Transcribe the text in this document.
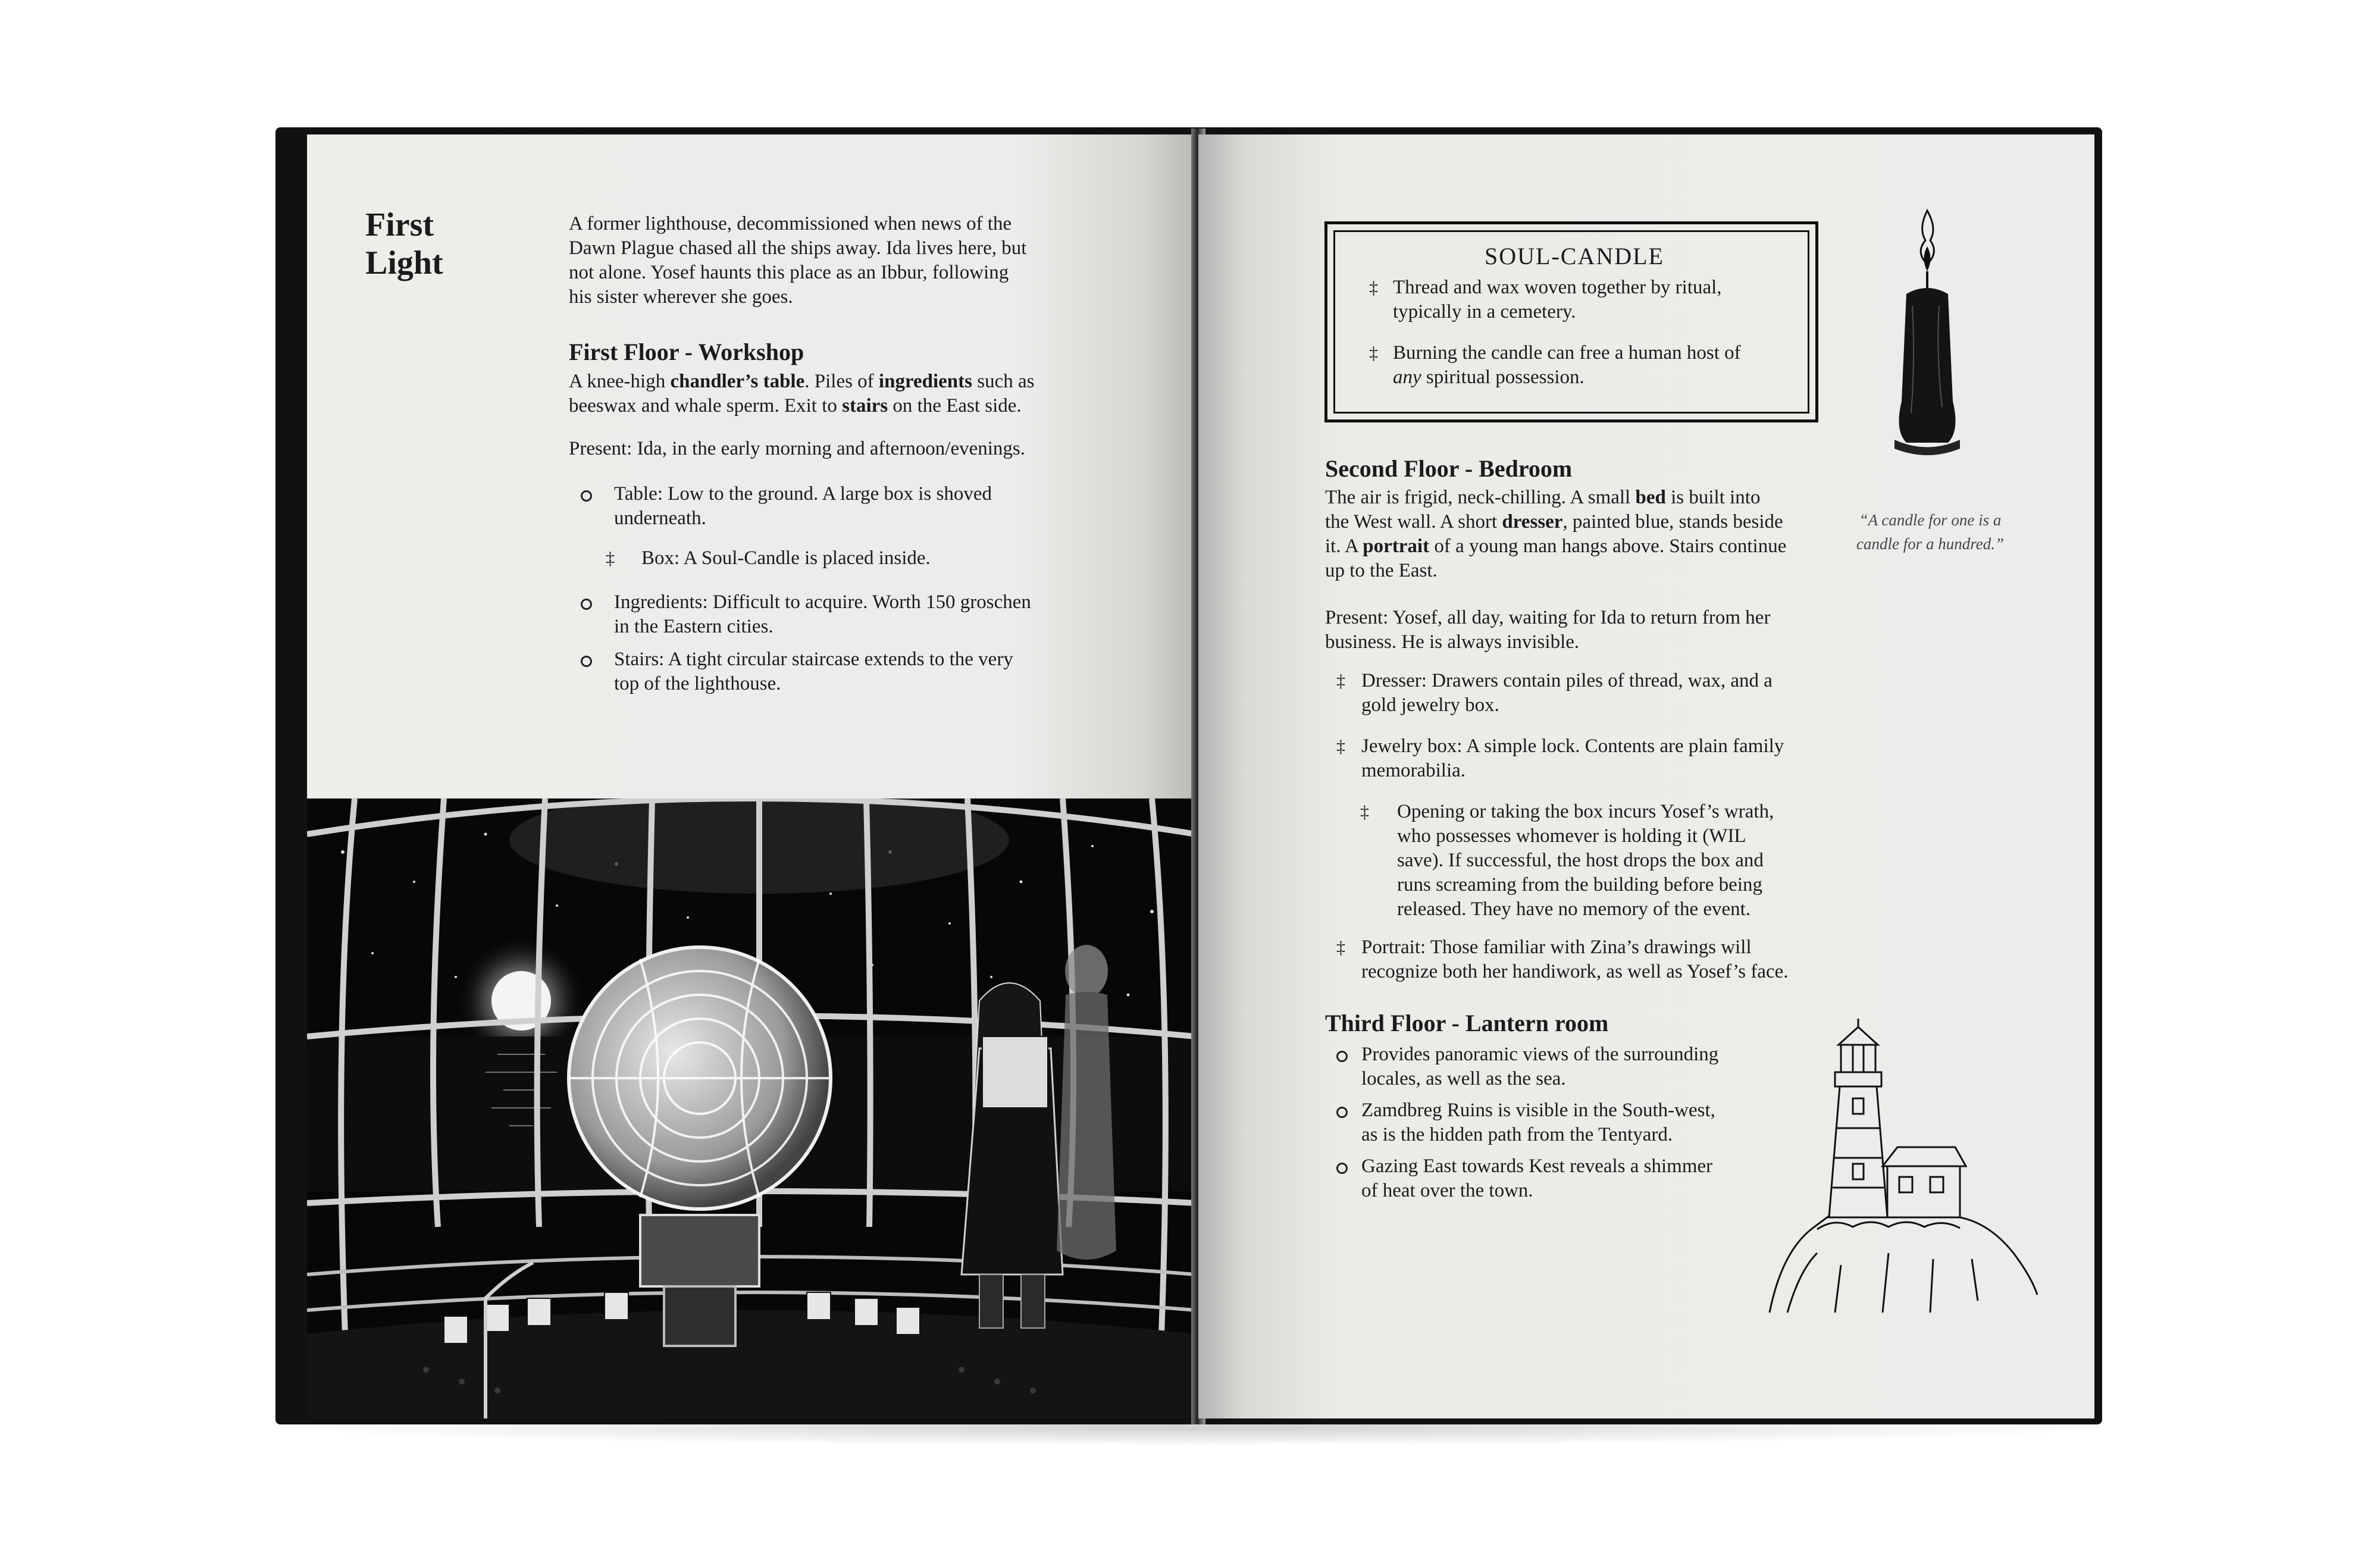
First
Light
A former lighthouse, decommissioned when news of the
Dawn Plague chased all the ships away. Ida lives here, but
not alone. Yosef haunts this place as an Ibbur, following
his sister wherever she goes.
First Floor - Workshop
A knee-high chandler’s table. Piles of ingredients such as
beeswax and whale sperm. Exit to stairs on the East side.
Present: Ida, in the early morning and afternoon/evenings.
Table: Low to the ground. A large box is shoved
underneath.
‡ Box: A Soul-Candle is placed inside.
Ingredients: Difficult to acquire. Worth 150 groschen
in the Eastern cities.
Stairs: A tight circular staircase extends to the very
top of the lighthouse.
SOUL-CANDLE
‡ Thread and wax woven together by ritual,
typically in a cemetery.
‡ Burning the candle can free a human host of
any spiritual possession.
“A candle for one is a
candle for a hundred.”
Second Floor - Bedroom
The air is frigid, neck-chilling. A small bed is built into
the West wall. A short dresser, painted blue, stands beside
it. A portrait of a young man hangs above. Stairs continue
up to the East.
Present: Yosef, all day, waiting for Ida to return from her
business. He is always invisible.
‡ Dresser: Drawers contain piles of thread, wax, and a
gold jewelry box.
‡ Jewelry box: A simple lock. Contents are plain family
memorabilia.
‡ Opening or taking the box incurs Yosef’s wrath,
who possesses whomever is holding it (WIL
save). If successful, the host drops the box and
runs screaming from the building before being
released. They have no memory of the event.
‡ Portrait: Those familiar with Zina’s drawings will
recognize both her handiwork, as well as Yosef’s face.
Third Floor - Lantern room
Provides panoramic views of the surrounding
locales, as well as the sea.
Zamdbreg Ruins is visible in the South-west,
as is the hidden path from the Tentyard.
Gazing East towards Kest reveals a shimmer
of heat over the town.
